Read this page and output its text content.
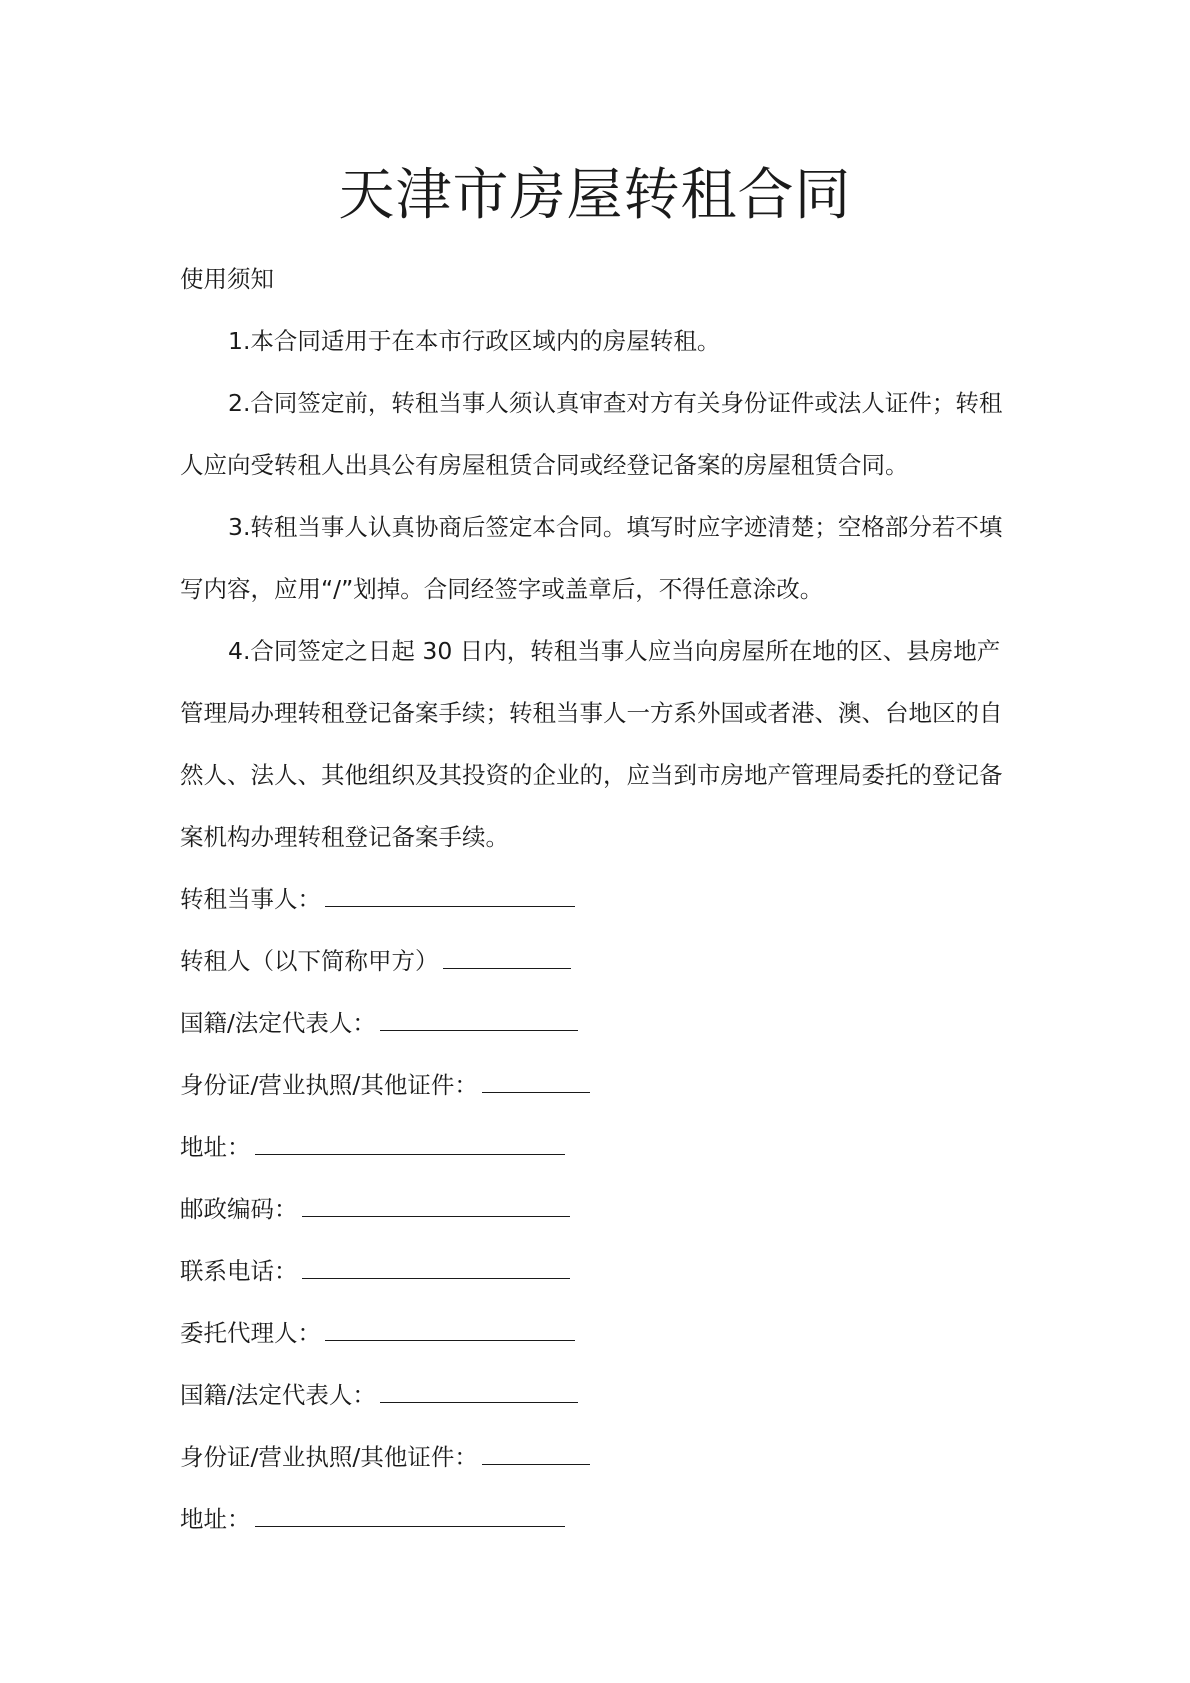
天津市房屋转租合同

使用须知

1.本合同适用于在本市行政区域内的房屋转租。

2.合同签定前，转租当事人须认真审查对方有关身份证件或法人证件；转租人应向受转租人出具公有房屋租赁合同或经登记备案的房屋租赁合同。

3.转租当事人认真协商后签定本合同。填写时应字迹清楚；空格部分若不填写内容，应用“/”划掉。合同经签字或盖章后，不得任意涂改。

4.合同签定之日起 30 日内，转租当事人应当向房屋所在地的区、县房地产管理局办理转租登记备案手续；转租当事人一方系外国或者港、澳、台地区的自然人、法人、其他组织及其投资的企业的，应当到市房地产管理局委托的登记备案机构办理转租登记备案手续。

转租当事人：

转租人（以下简称甲方）

国籍/法定代表人：

身份证/营业执照/其他证件：

地址：

邮政编码：

联系电话：

委托代理人：

国籍/法定代表人：

身份证/营业执照/其他证件：

地址：
